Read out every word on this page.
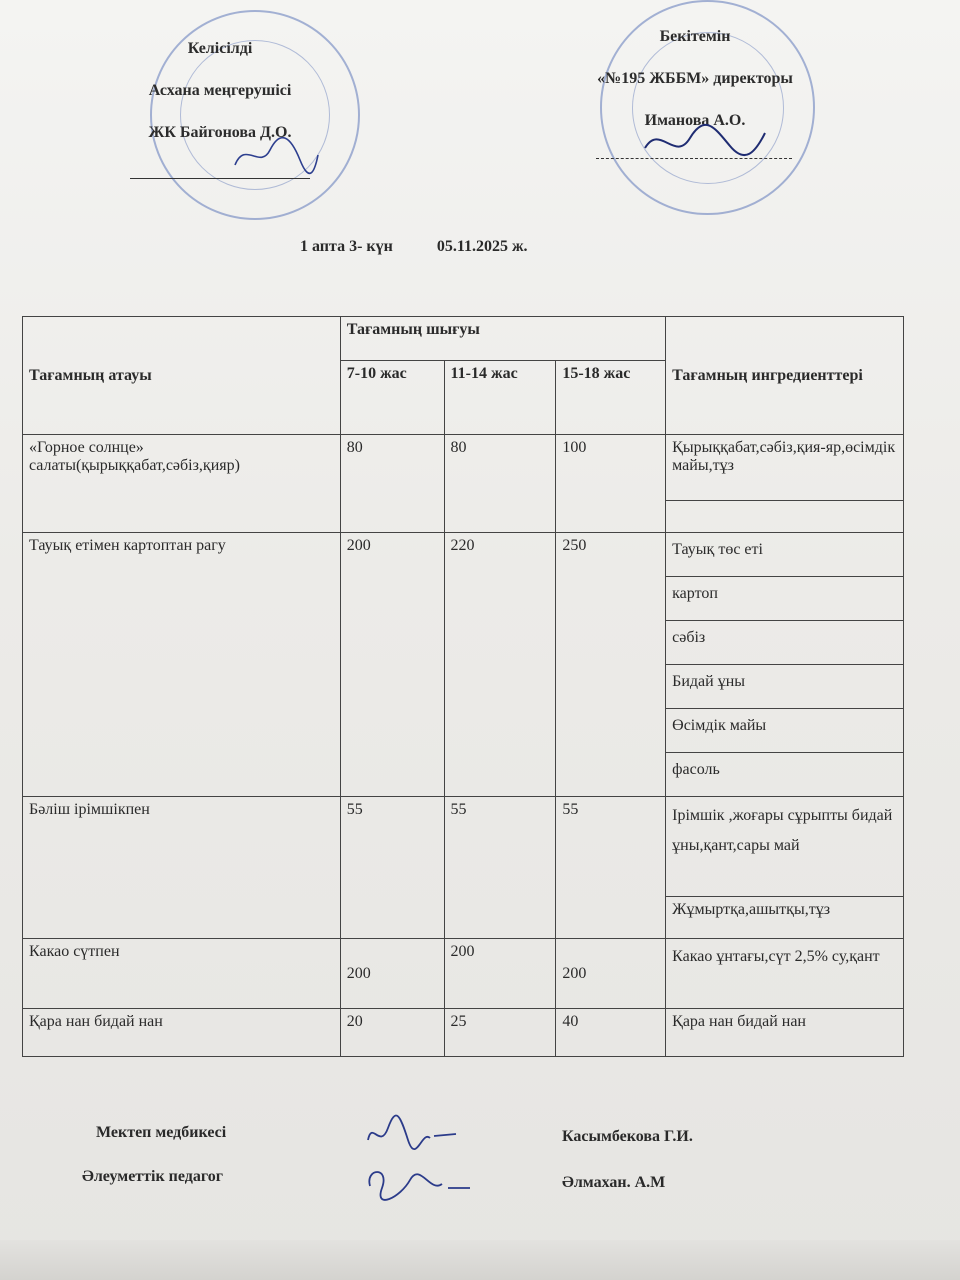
Келісілді
Асхана меңгерушісі
ЖК Байгонова Д.О.
Бекітемін
«№195 ЖББМ» директоры
Иманова А.О.
1 апта 3- күн	05.11.2025 ж.
Тағамның атауы	Тағамның шығуы			Тағамның ингредиенттері
	7-10 жас	11-14 жас	15-18 жас	
«Горное солнце» салаты(қырыққабат,сәбіз,қияр)	80	80	100	Қырыққабат,сәбіз,қия-яр,өсімдік майы,тұз

Тауық етімен картоптан рагу	200	220	250	Тауық төс еті
				картоп
				сәбіз
				Бидай ұны
				Өсімдік майы
				фасоль
Бәліш ірімшікпен	55	55	55	Ірімшік ,жоғары сұрыпты бидай ұны,қант,сары май
				Жұмыртқа,ашытқы,тұз
Какао сүтпен	200	200	200	Какао ұнтағы,сүт 2,5% су,қант
Қара нан бидай нан	20	25	40	Қара нан бидай нан
Мектеп медбикесі	Касымбекова Г.И.
Әлеуметтік педагог	Әлмахан. А.М
